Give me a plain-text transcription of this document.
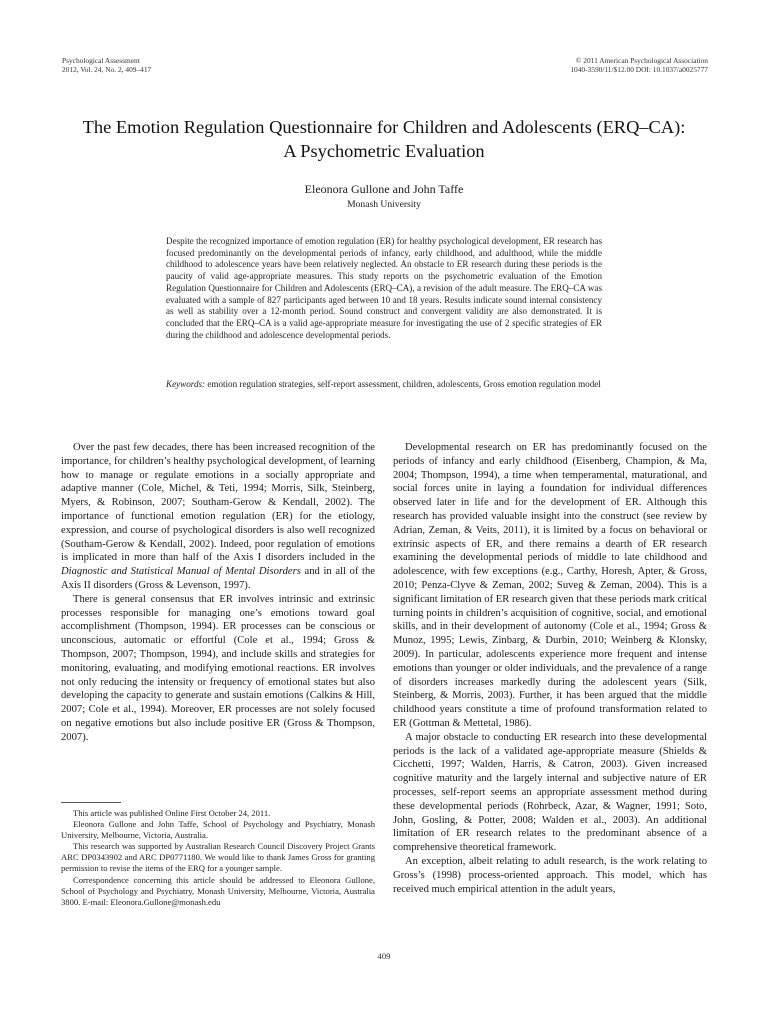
Psychological Assessment
2012, Vol. 24, No. 2, 409–417
© 2011 American Psychological Association
1040-3590/11/$12.00 DOI: 10.1037/a0025777
The Emotion Regulation Questionnaire for Children and Adolescents (ERQ–CA):
A Psychometric Evaluation
Eleonora Gullone and John Taffe
Monash University
Despite the recognized importance of emotion regulation (ER) for healthy psychological development, ER research has focused predominantly on the developmental periods of infancy, early childhood, and adulthood, while the middle childhood to adolescence years have been relatively neglected. An obstacle to ER research during these periods is the paucity of valid age-appropriate measures. This study reports on the psychometric evaluation of the Emotion Regulation Questionnaire for Children and Adolescents (ERQ–CA), a revision of the adult measure. The ERQ–CA was evaluated with a sample of 827 participants aged between 10 and 18 years. Results indicate sound internal consistency as well as stability over a 12-month period. Sound construct and convergent validity are also demonstrated. It is concluded that the ERQ–CA is a valid age-appropriate measure for investigating the use of 2 specific strategies of ER during the childhood and adolescence developmental periods.
Keywords: emotion regulation strategies, self-report assessment, children, adolescents, Gross emotion regulation model

Over the past few decades, there has been increased recognition of the importance, for children’s healthy psychological development, of learning how to manage or regulate emotions in a socially appropriate and adaptive manner (Cole, Michel, & Teti, 1994; Morris, Silk, Steinberg, Myers, & Robinson, 2007; Southam-Gerow & Kendall, 2002). The importance of functional emotion regulation (ER) for the etiology, expression, and course of psychological disorders is also well recognized (Southam-Gerow & Kendall, 2002). Indeed, poor regulation of emotions is implicated in more than half of the Axis I disorders included in the Diagnostic and Statistical Manual of Mental Disorders and in all of the Axis II disorders (Gross & Levenson, 1997).

There is general consensus that ER involves intrinsic and extrinsic processes responsible for managing one’s emotions toward goal accomplishment (Thompson, 1994). ER processes can be conscious or unconscious, automatic or effortful (Cole et al., 1994; Gross & Thompson, 2007; Thompson, 1994), and include skills and strategies for monitoring, evaluating, and modifying emotional reactions. ER involves not only reducing the intensity or frequency of emotional states but also developing the capacity to generate and sustain emotions (Calkins & Hill, 2007; Cole et al., 1994). Moreover, ER processes are not solely focused on negative emotions but also include positive ER (Gross & Thompson, 2007).

Developmental research on ER has predominantly focused on the periods of infancy and early childhood (Eisenberg, Champion, & Ma, 2004; Thompson, 1994), a time when temperamental, maturational, and social forces unite in laying a foundation for individual differences observed later in life and for the development of ER. Although this research has provided valuable insight into the construct (see review by Adrian, Zeman, & Veits, 2011), it is limited by a focus on behavioral or extrinsic aspects of ER, and there remains a dearth of ER research examining the developmental periods of middle to late childhood and adolescence, with few exceptions (e.g., Carthy, Horesh, Apter, & Gross, 2010; Penza-Clyve & Zeman, 2002; Suveg & Zeman, 2004). This is a significant limitation of ER research given that these periods mark critical turning points in children’s acquisition of cognitive, social, and emotional skills, and in their development of autonomy (Cole et al., 1994; Gross & Munoz, 1995; Lewis, Zinbarg, & Durbin, 2010; Weinberg & Klonsky, 2009). In particular, adolescents experience more frequent and intense emotions than younger or older individuals, and the prevalence of a range of disorders increases markedly during the adolescent years (Silk, Steinberg, & Morris, 2003). Further, it has been argued that the middle childhood years constitute a time of profound transformation related to ER (Gottman & Mettetal, 1986).

A major obstacle to conducting ER research into these developmental periods is the lack of a validated age-appropriate measure (Shields & Cicchetti, 1997; Walden, Harris, & Catron, 2003). Given increased cognitive maturity and the largely internal and subjective nature of ER processes, self-report seems an appropriate assessment method during these developmental periods (Rohrbeck, Azar, & Wagner, 1991; Soto, John, Gosling, & Potter, 2008; Walden et al., 2003). An additional limitation of ER research relates to the predominant absence of a comprehensive theoretical framework.

An exception, albeit relating to adult research, is the work relating to Gross’s (1998) process-oriented approach. This model, which has received much empirical attention in the adult years,

This article was published Online First October 24, 2011.

Eleonora Gullone and John Taffe, School of Psychology and Psychiatry, Monash University, Melbourne, Victoria, Australia.

This research was supported by Australian Research Council Discovery Project Grants ARC DP0343902 and ARC DP0771180. We would like to thank James Gross for granting permission to revise the items of the ERQ for a younger sample.

Correspondence concerning this article should be addressed to Eleonora Gullone, School of Psychology and Psychiatry, Monash University, Melbourne, Victoria, Australia 3800. E-mail: Eleonora.Gullone@monash.edu

409
